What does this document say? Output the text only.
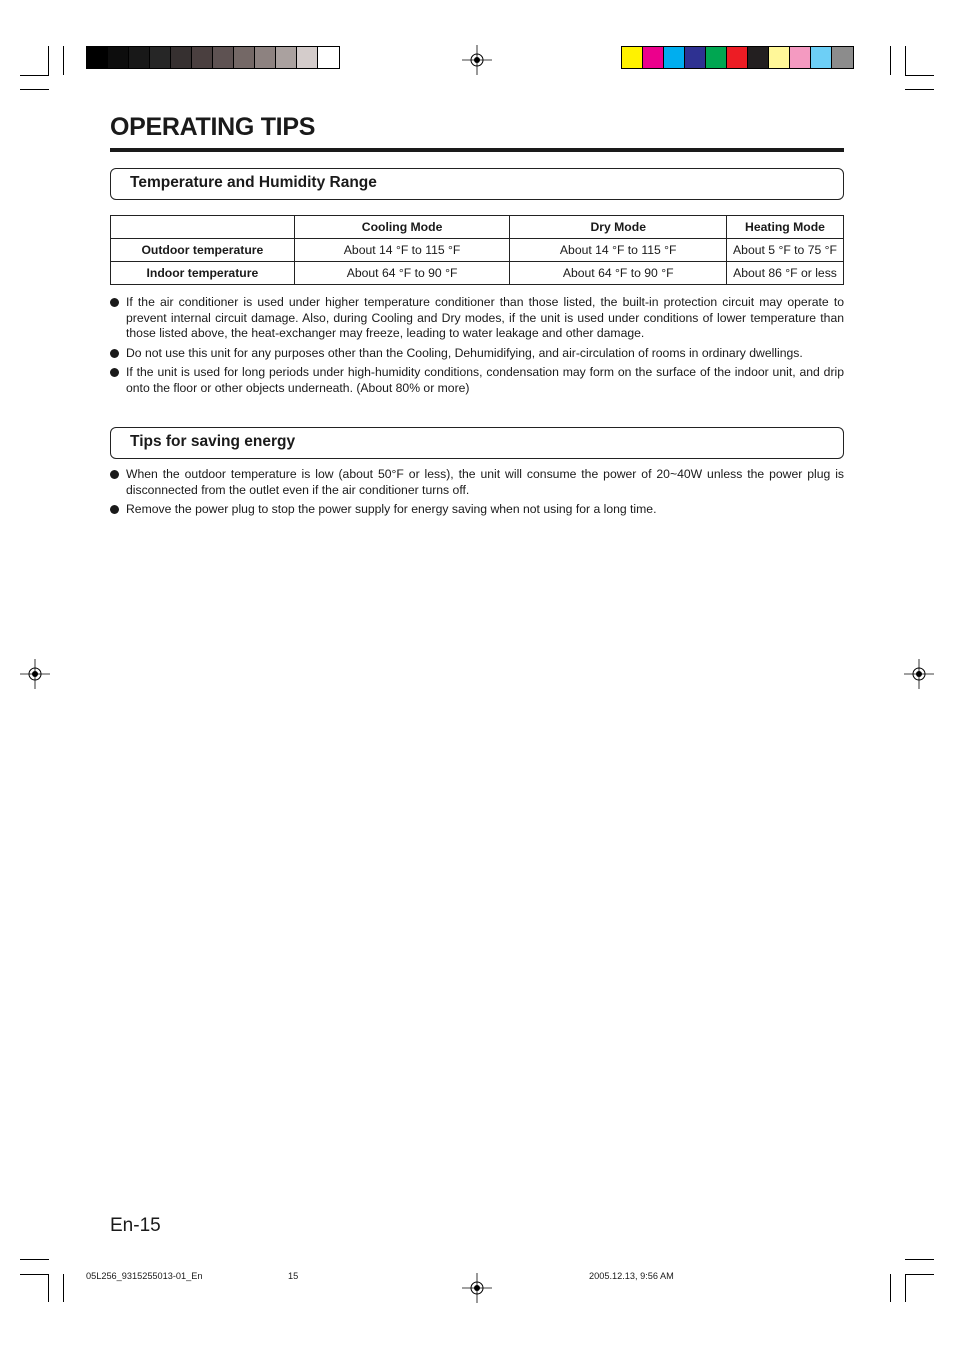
OPERATING TIPS
Temperature and Humidity Range
	Cooling Mode	Dry Mode	Heating Mode
Outdoor temperature	About 14 °F to 115 °F	About 14 °F to 115 °F	About 5 °F to 75 °F
Indoor temperature	About 64 °F to 90 °F	About 64 °F to 90 °F	About 86 °F or less
If the air conditioner is used under higher temperature conditioner than those listed, the built-in protection circuit may operate to prevent internal circuit damage. Also, during Cooling and Dry modes, if the unit is used under conditions of lower temperature than those listed above, the heat-exchanger may freeze, leading to water leakage and other damage.
Do not use this unit for any purposes other than the Cooling, Dehumidifying, and air-circulation of rooms in ordinary dwellings.
If the unit is used for long periods under high-humidity conditions, condensation may form on the surface of the indoor unit, and drip onto the floor or other objects underneath. (About 80% or more)
Tips for saving energy
When the outdoor temperature is low (about 50°F or less), the unit will consume the power of 20~40W unless the power plug is disconnected from the outlet even if the air conditioner turns off.
Remove the power plug to stop the power supply for energy saving when not using for a long time.
En-15
05L256_9315255013-01_En	15	2005.12.13, 9:56 AM
